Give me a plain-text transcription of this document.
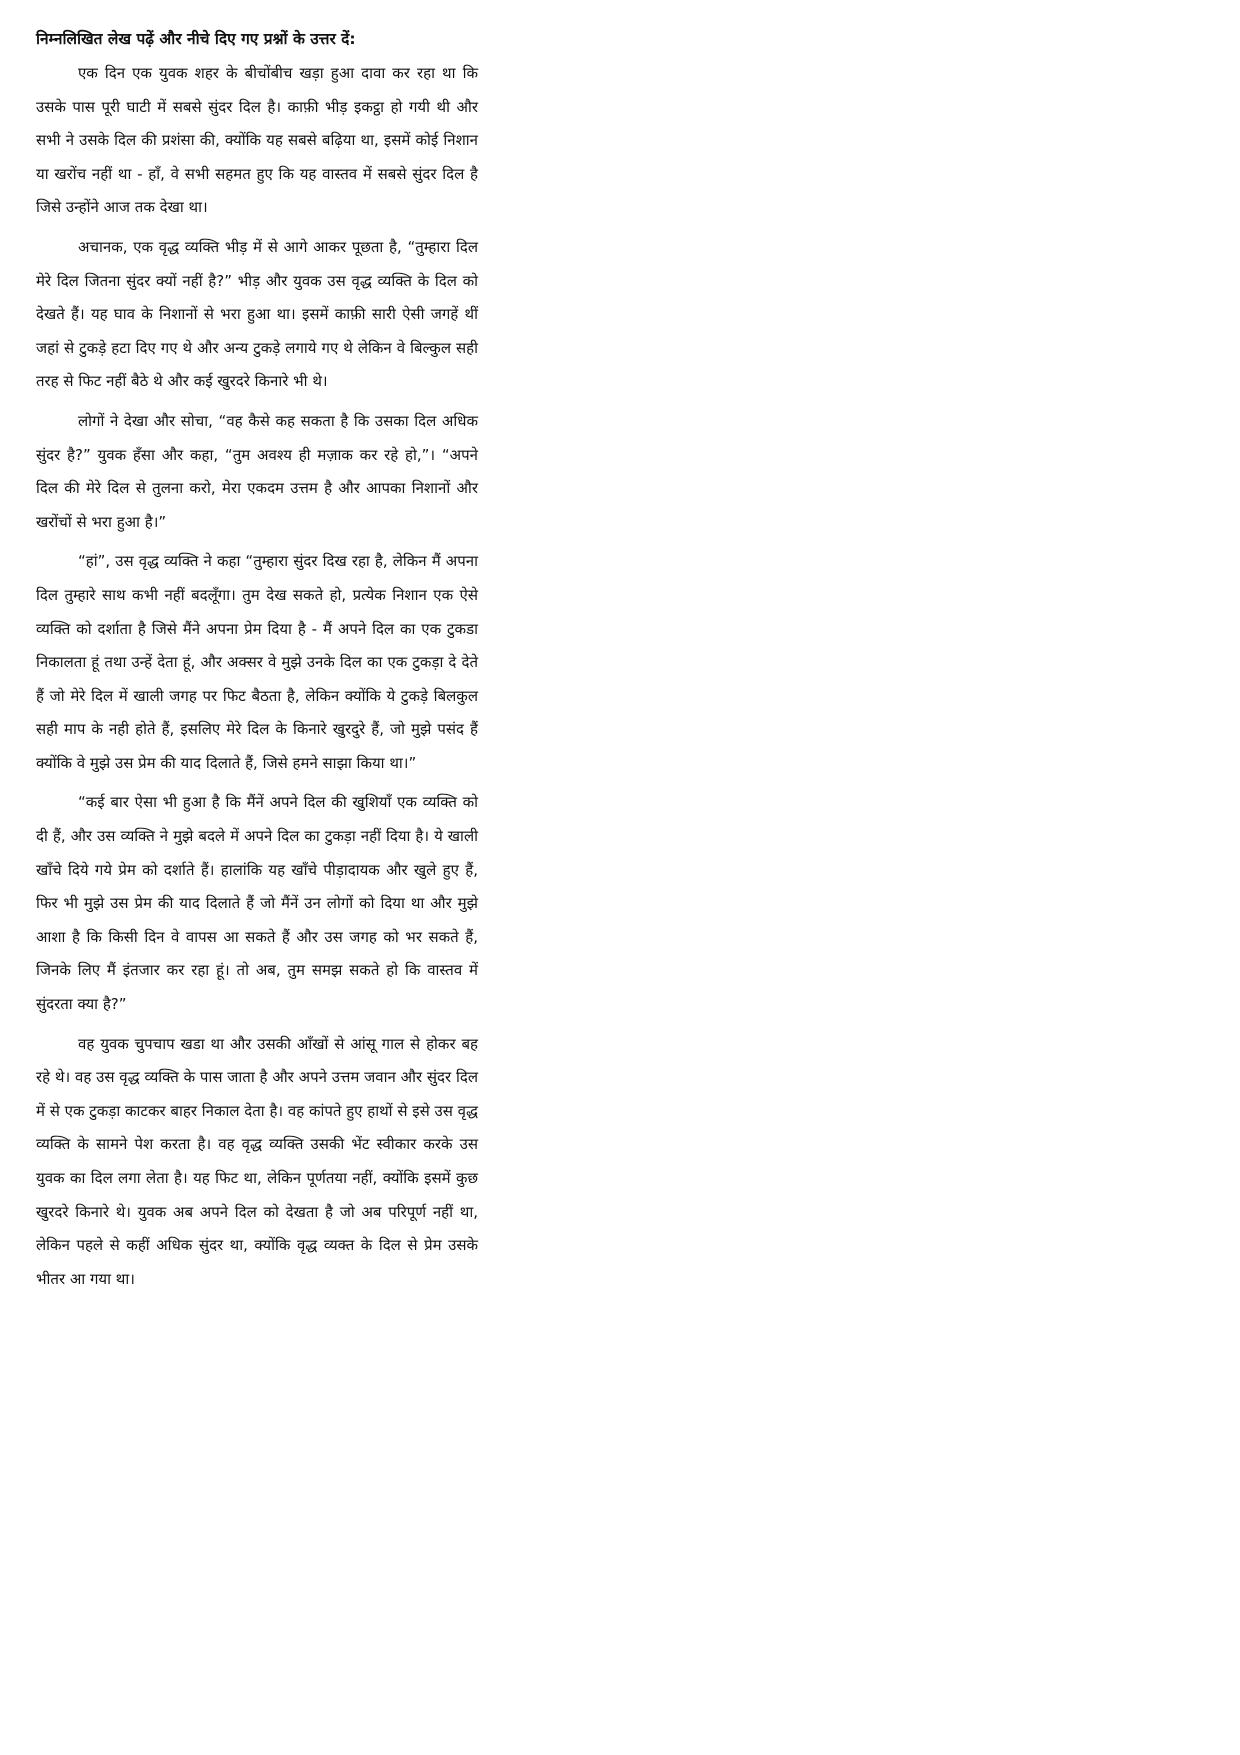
निम्नलिखित लेख पढ़ें और नीचे दिए गए प्रश्नों के उत्तर दें:

एक दिन एक युवक शहर के बीचोंबीच खड़ा हुआ दावा कर रहा था कि उसके पास पूरी घाटी में सबसे सुंदर दिल है। काफ़ी भीड़ इकट्ठा हो गयी थी और सभी ने उसके दिल की प्रशंसा की, क्योंकि यह सबसे बढ़िया था, इसमें कोई निशान या खरोंच नहीं था - हाँ, वे सभी सहमत हुए कि यह वास्तव में सबसे सुंदर दिल है जिसे उन्होंने आज तक देखा था।

अचानक, एक वृद्ध व्यक्ति भीड़ में से आगे आकर पूछता है, “तुम्हारा दिल मेरे दिल जितना सुंदर क्यों नहीं है?” भीड़ और युवक उस वृद्ध व्यक्ति के दिल को देखते हैं। यह घाव के निशानों से भरा हुआ था। इसमें काफ़ी सारी ऐसी जगहें थीं जहां से टुकड़े हटा दिए गए थे और अन्य टुकड़े लगाये गए थे लेकिन वे बिल्कुल सही तरह से फिट नहीं बैठे थे और कई खुरदरे किनारे भी थे।

लोगों ने देखा और सोचा, “वह कैसे कह सकता है कि उसका दिल अधिक सुंदर है?” युवक हँसा और कहा, “तुम अवश्य ही मज़ाक कर रहे हो,”। “अपने दिल की मेरे दिल से तुलना करो, मेरा एकदम उत्तम है और आपका निशानों और खरोंचों से भरा हुआ है।”

“हां”, उस वृद्ध व्यक्ति ने कहा “तुम्हारा सुंदर दिख रहा है, लेकिन मैं अपना दिल तुम्हारे साथ कभी नहीं बदलूँगा। तुम देख सकते हो, प्रत्येक निशान एक ऐसे व्यक्ति को दर्शाता है जिसे मैंने अपना प्रेम दिया है - मैं अपने दिल का एक टुकडा निकालता हूं तथा उन्हें देता हूं, और अक्सर वे मुझे उनके दिल का एक टुकड़ा दे देते हैं जो मेरे दिल में खाली जगह पर फिट बैठता है, लेकिन क्योंकि ये टुकड़े बिलकुल सही माप के नही होते हैं, इसलिए मेरे दिल के किनारे खुरदुरे हैं, जो मुझे पसंद हैं क्योंकि वे मुझे उस प्रेम की याद दिलाते हैं, जिसे हमने साझा किया था।”

“कई बार ऐसा भी हुआ है कि मैंनें अपने दिल की खुशियाँ एक व्यक्ति को दी हैं, और उस व्यक्ति ने मुझे बदले में अपने दिल का टुकड़ा नहीं दिया है। ये खाली खाँचे दिये गये प्रेम को दर्शाते हैं। हालांकि यह खाँचे पीड़ादायक और खुले हुए हैं, फिर भी मुझे उस प्रेम की याद दिलाते हैं जो मैंनें उन लोगों को दिया था और मुझे आशा है कि किसी दिन वे वापस आ सकते हैं और उस जगह को भर सकते हैं, जिनके लिए मैं इंतजार कर रहा हूं। तो अब, तुम समझ सकते हो कि वास्तव में सुंदरता क्या है?”

वह युवक चुपचाप खडा था और उसकी आँखों से आंसू गाल से होकर बह रहे थे। वह उस वृद्ध व्यक्ति के पास जाता है और अपने उत्तम जवान और सुंदर दिल में से एक टुकड़ा काटकर बाहर निकाल देता है। वह कांपते हुए हाथों से इसे उस वृद्ध व्यक्ति के सामने पेश करता है। वह वृद्ध व्यक्ति उसकी भेंट स्वीकार करके उस युवक का दिल लगा लेता है। यह फिट था, लेकिन पूर्णतया नहीं, क्योंकि इसमें कुछ खुरदरे किनारे थे। युवक अब अपने दिल को देखता है जो अब परिपूर्ण नहीं था, लेकिन पहले से कहीं अधिक सुंदर था, क्योंकि वृद्ध व्यक्त के दिल से प्रेम उसके भीतर आ गया था।
